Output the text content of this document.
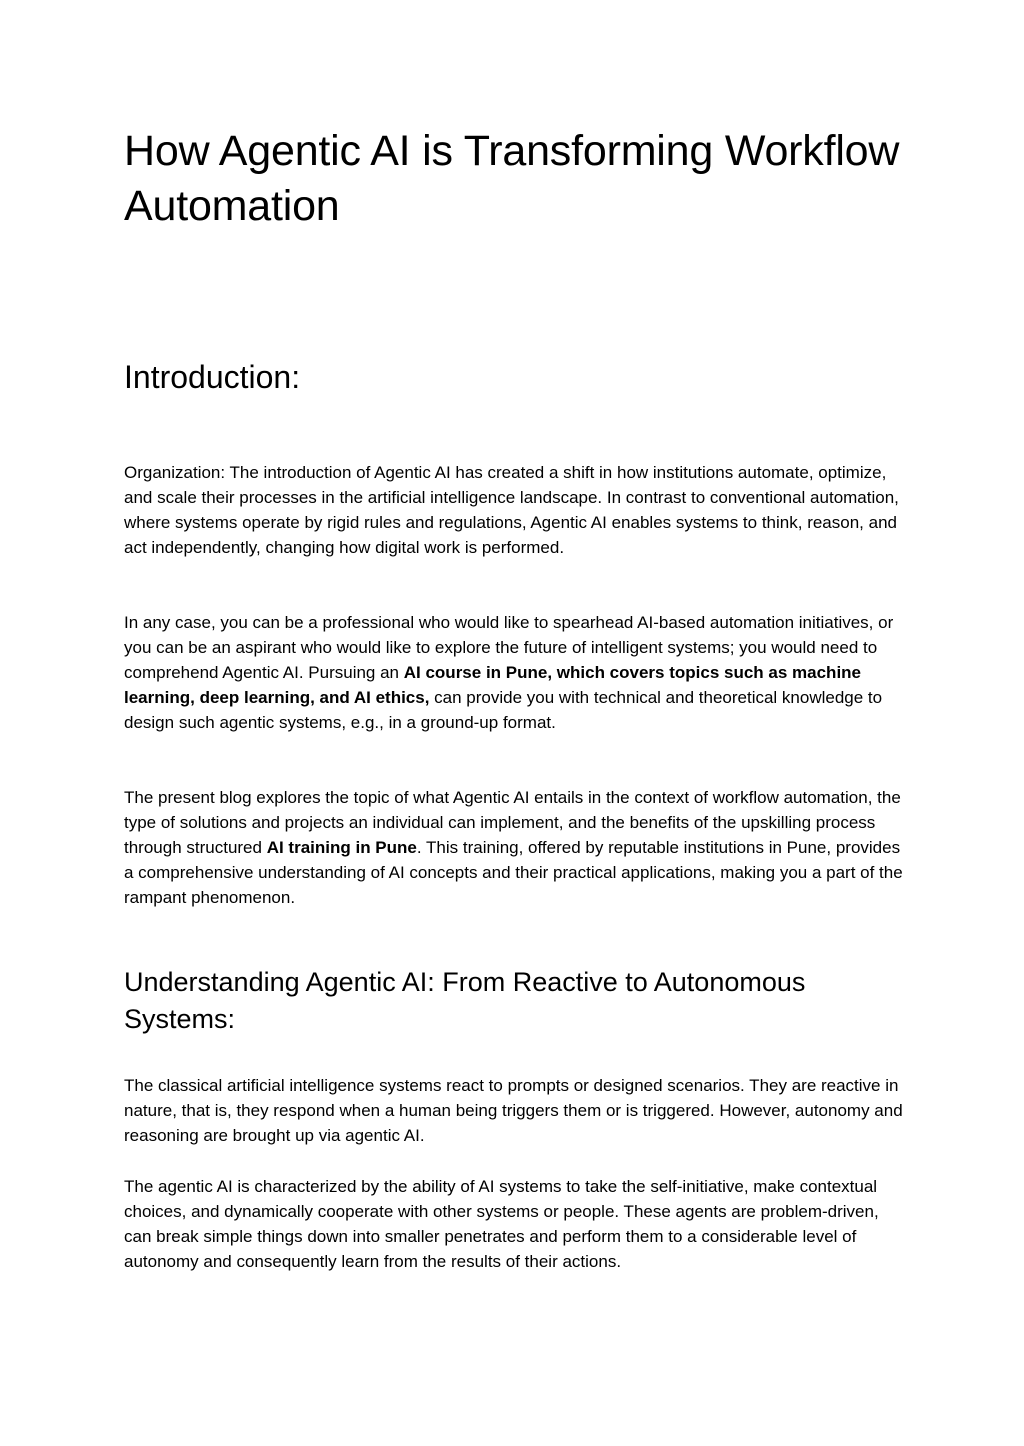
How Agentic AI is Transforming Workflow Automation
Introduction:

Organization: The introduction of Agentic AI has created a shift in how institutions automate, optimize, and scale their processes in the artificial intelligence landscape. In contrast to conventional automation, where systems operate by rigid rules and regulations, Agentic AI enables systems to think, reason, and act independently, changing how digital work is performed.

In any case, you can be a professional who would like to spearhead AI-based automation initiatives, or you can be an aspirant who would like to explore the future of intelligent systems; you would need to comprehend Agentic AI. Pursuing an AI course in Pune, which covers topics such as machine learning, deep learning, and AI ethics, can provide you with technical and theoretical knowledge to design such agentic systems, e.g., in a ground-up format.

The present blog explores the topic of what Agentic AI entails in the context of workflow automation, the type of solutions and projects an individual can implement, and the benefits of the upskilling process through structured AI training in Pune. This training, offered by reputable institutions in Pune, provides a comprehensive understanding of AI concepts and their practical applications, making you a part of the rampant phenomenon.

Understanding Agentic AI: From Reactive to Autonomous Systems:

The classical artificial intelligence systems react to prompts or designed scenarios. They are reactive in nature, that is, they respond when a human being triggers them or is triggered. However, autonomy and reasoning are brought up via agentic AI.

The agentic AI is characterized by the ability of AI systems to take the self-initiative, make contextual choices, and dynamically cooperate with other systems or people. These agents are problem-driven, can break simple things down into smaller penetrates and perform them to a considerable level of autonomy and consequently learn from the results of their actions.
